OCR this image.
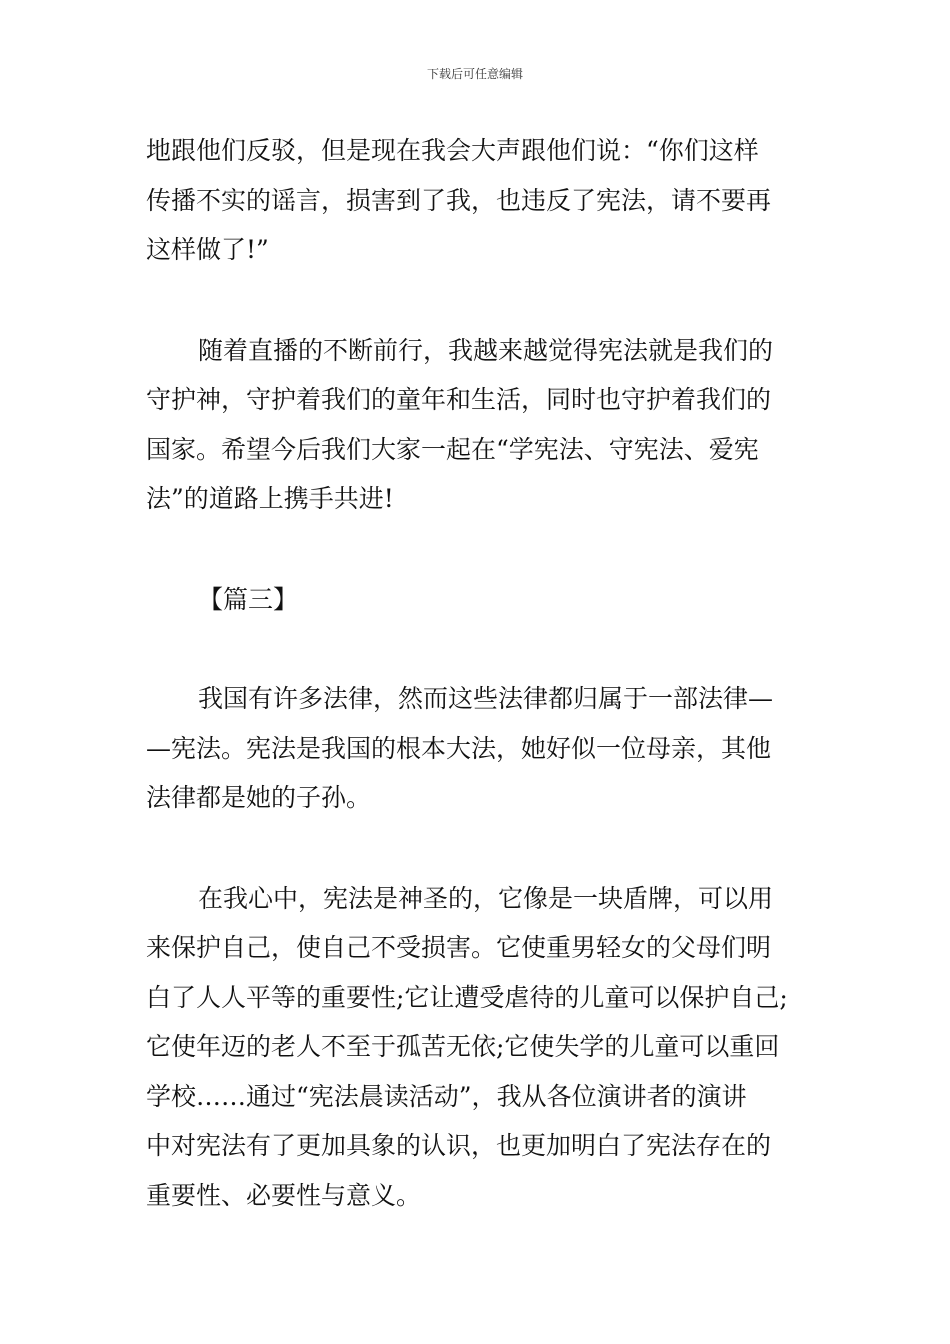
下载后可任意编辑

地跟他们反驳，但是现在我会大声跟他们说：“你们这样
传播不实的谣言，损害到了我，也违反了宪法，请不要再
这样做了!”

随着直播的不断前行，我越来越觉得宪法就是我们的
守护神，守护着我们的童年和生活，同时也守护着我们的
国家。希望今后我们大家一起在“学宪法、守宪法、爱宪
法”的道路上携手共进!

【篇三】

我国有许多法律，然而这些法律都归属于一部法律—
—宪法。宪法是我国的根本大法，她好似一位母亲，其他
法律都是她的子孙。

在我心中，宪法是神圣的，它像是一块盾牌，可以用
来保护自己，使自己不受损害。它使重男轻女的父母们明
白了人人平等的重要性;它让遭受虐待的儿童可以保护自己;
它使年迈的老人不至于孤苦无依;它使失学的儿童可以重回
学校……通过“宪法晨读活动”，我从各位演讲者的演讲
中对宪法有了更加具象的认识，也更加明白了宪法存在的
重要性、必要性与意义。
